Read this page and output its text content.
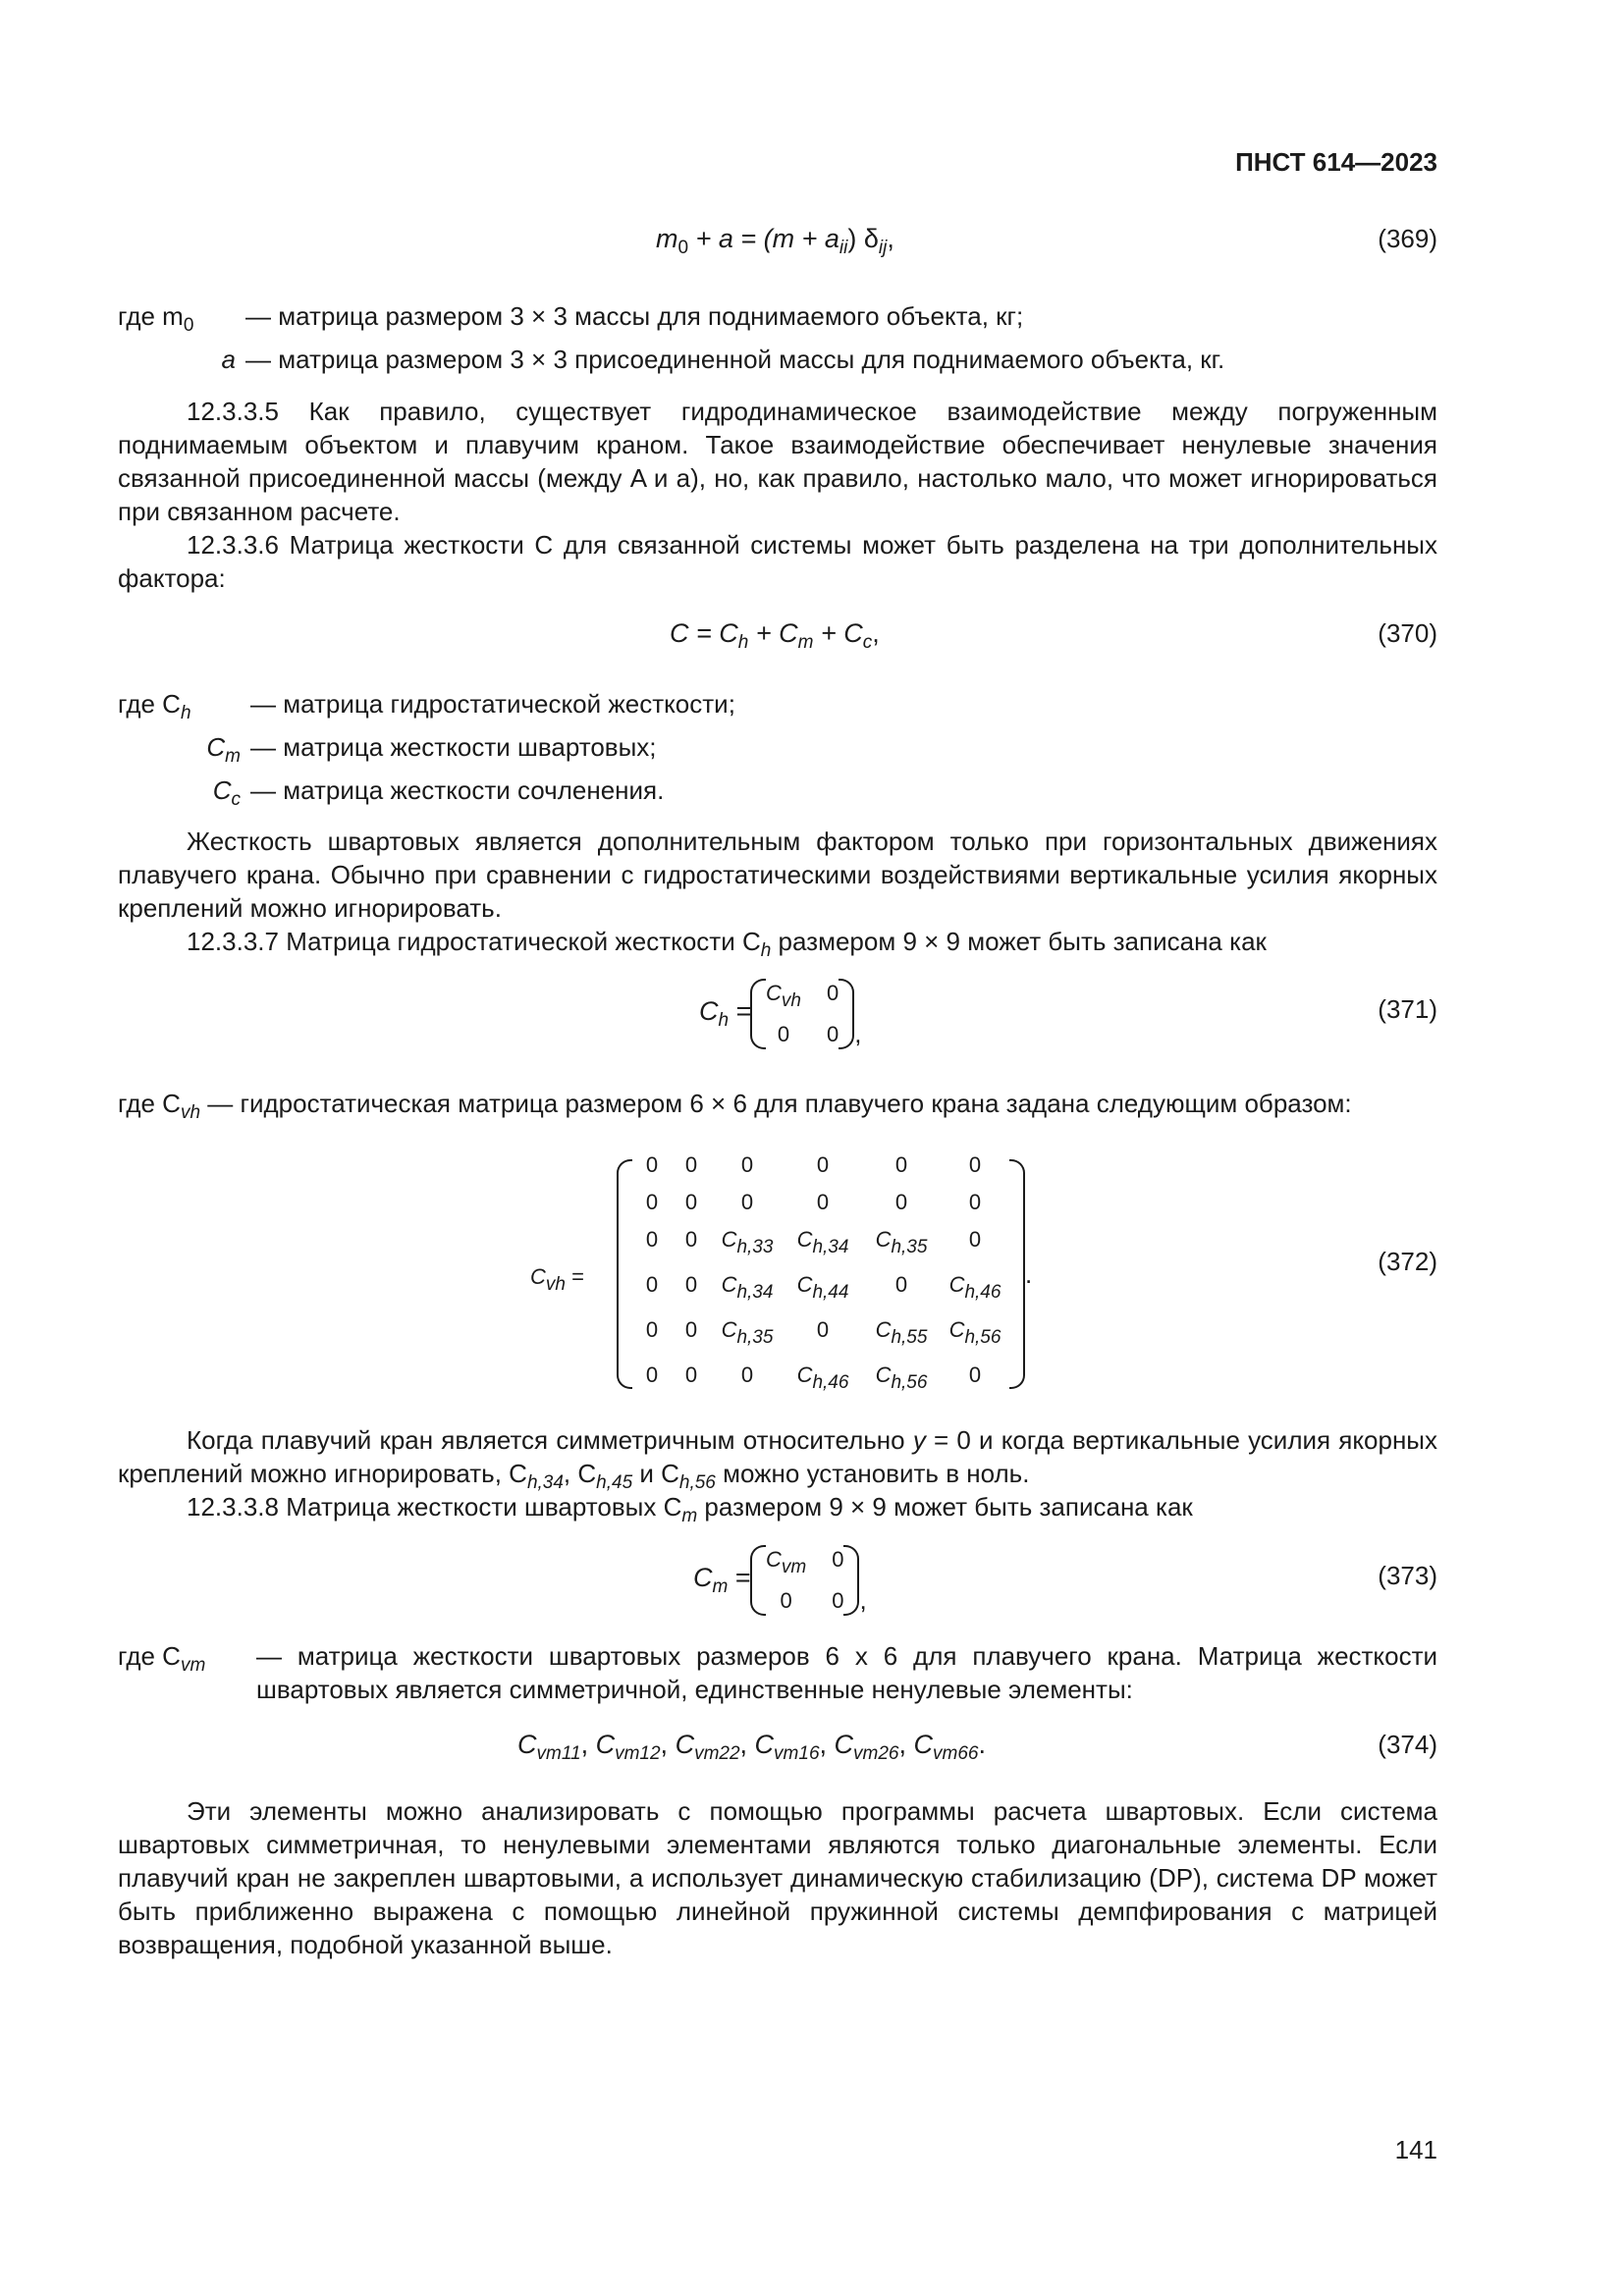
ПНСТ 614—2023
$m_0 + a = (m + a_{ii})$ $\delta_{ij}$,	(369)
где $m_0$	— матрица размером 3 × 3 массы для поднимаемого объекта, кг;
a — матрица размером 3 × 3 присоединенной массы для поднимаемого объекта, кг.

12.3.3.5 Как правило, существует гидродинамическое взаимодействие между погруженным поднимаемым объектом и плавучим краном. Такое взаимодействие обеспечивает ненулевые значения связанной присоединенной массы (между A и a), но, как правило, настолько мало, что может игнорироваться при связанном расчете.

12.3.3.6 Матрица жесткости C для связанной системы может быть разделена на три дополнительных фактора:

$C = C_h + C_m + C_c$,	(370)
где $C_h$	— матрица гидростатической жесткости;
$C_m$ — матрица жесткости швартовых;
$C_c$ — матрица жесткости сочленения.

Жесткость швартовых является дополнительным фактором только при горизонтальных движениях плавучего крана. Обычно при сравнении с гидростатическими воздействиями вертикальные усилия якорных креплений можно игнорировать.

12.3.3.7 Матрица гидростатической жесткости $C_h$ размером 9 × 9 может быть записана как

$C_h$ =
Cvh 0
0	0 ,
(371)
где $C_{vh}$ — гидростатическая матрица размером 6 × 6 для плавучего крана задана следующим образом:
Cvh =
0	0	0	0	0	0
0	0	0	0	0	0
0	0	Ch,33	Ch,34	Ch,35	0
0	0	Ch,34	Ch,44	0	Ch,46
0	0	Ch,35	0	Ch,55	Ch,56
0	0	0	Ch,46	Ch,56	0
.	(372)

Когда плавучий кран является симметричным относительно y = 0 и когда вертикальные усилия якорных креплений можно игнорировать, $C_{h,34}$, $C_{h,45}$ и $C_{h,56}$ можно установить в ноль.

12.3.3.8 Матрица жесткости швартовых $C_m$ размером 9 × 9 может быть записана как

$C_m$ =
Cvm 0
0	0 ,
(373)
где $C_{vm}$	— матрица жесткости швартовых размеров 6 х 6 для плавучего крана. Матрица жесткости швартовых является симметричной, единственные ненулевые элементы:
$C_{vm11}$, $C_{vm12}$, $C_{vm22}$, $C_{vm16}$, $C_{vm26}$, $C_{vm66}$.	(374)

Эти элементы можно анализировать с помощью программы расчета швартовых. Если система швартовых симметричная, то ненулевыми элементами являются только диагональные элементы. Если плавучий кран не закреплен швартовыми, а использует динамическую стабилизацию (DP), система DP может быть приближенно выражена с помощью линейной пружинной системы демпфирования с матрицей возвращения, подобной указанной выше.

141
